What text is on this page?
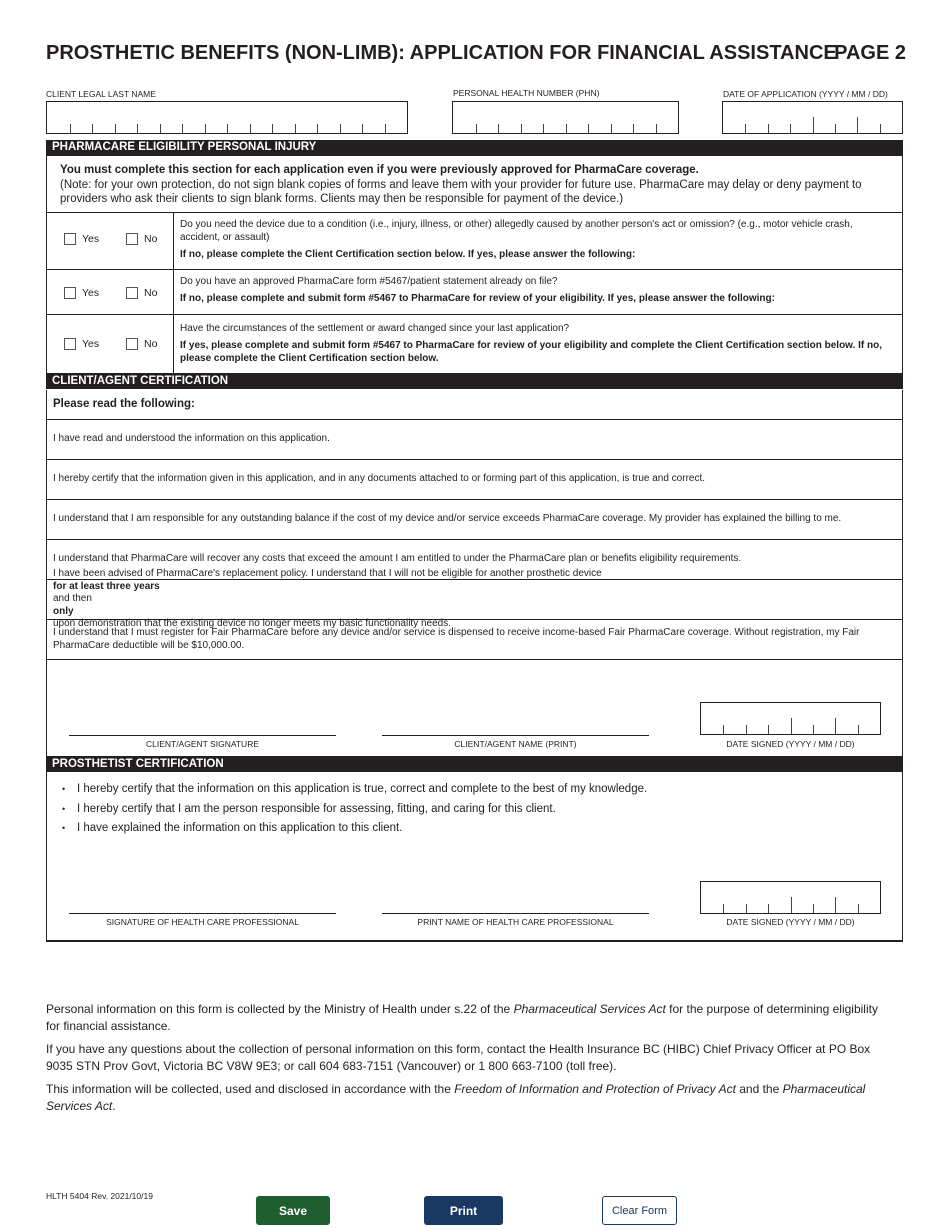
PROSTHETIC BENEFITS (NON-LIMB): APPLICATION FOR FINANCIAL ASSISTANCE
PAGE 2
CLIENT LEGAL LAST NAME	PERSONAL HEALTH NUMBER (PHN)	DATE OF APPLICATION (YYYY / MM / DD)
PHARMACARE ELIGIBILITY PERSONAL INJURY
You must complete this section for each application even if you were previously approved for PharmaCare coverage.
(Note: for your own protection, do not sign blank copies of forms and leave them with your provider for future use. PharmaCare may delay or deny payment to providers who ask their clients to sign blank forms. Clients may then be responsible for payment of the device.)
Yes	No
Do you need the device due to a condition (i.e., injury, illness, or other) allegedly caused by another person's act or omission? (e.g., motor vehicle crash, accident, or assault)
If no, please complete the Client Certification section below. If yes, please answer the following:
Yes	No
Do you have an approved PharmaCare form #5467/patient statement already on file?
If no, please complete and submit form #5467 to PharmaCare for review of your eligibility. If yes, please answer the following:
Yes	No
Have the circumstances of the settlement or award changed since your last application?
If yes, please complete and submit form #5467 to PharmaCare for review of your eligibility and complete the Client Certification section below. If no, please complete the Client Certification section below.
CLIENT/AGENT CERTIFICATION
Please read the following:
I have read and understood the information on this application.
I hereby certify that the information given in this application, and in any documents attached to or forming part of this application, is true and correct.
I understand that I am responsible for any outstanding balance if the cost of my device and/or service exceeds PharmaCare coverage. My provider has explained the billing to me.
I understand that PharmaCare will recover any costs that exceed the amount I am entitled to under the PharmaCare plan or benefits eligibility requirements.
I have been advised of PharmaCare's replacement policy. I understand that I will not be eligible for another prosthetic device
for at least three years
and then
only
upon demonstration that the existing device no longer meets my basic functionality needs.
I understand that I must register for Fair PharmaCare before any device and/or service is dispensed to receive income-based Fair PharmaCare coverage. Without registration, my Fair PharmaCare deductible will be $10,000.00.
CLIENT/AGENT SIGNATURE	CLIENT/AGENT NAME (PRINT)	DATE SIGNED (YYYY / MM / DD)
PROSTHETIST CERTIFICATION
SIGNATURE OF HEALTH CARE PROFESSIONAL	PRINT NAME OF HEALTH CARE PROFESSIONAL	DATE SIGNED (YYYY / MM / DD)
• I hereby certify that the information on this application is true, correct and complete to the best of my knowledge.
• I hereby certify that I am the person responsible for assessing, fitting, and caring for this client.
• I have explained the information on this application to this client.

Personal information on this form is collected by the Ministry of Health under s.22 of the Pharmaceutical Services Act for the purpose of determining eligibility for financial assistance.

If you have any questions about the collection of personal information on this form, contact the Health Insurance BC (HIBC) Chief Privacy Officer at PO Box 9035 STN Prov Govt, Victoria BC V8W 9E3; or call 604 683-7151 (Vancouver) or 1 800 663-7100 (toll free).

This information will be collected, used and disclosed in accordance with the Freedom of Information and Protection of Privacy Act and the Pharmaceutical Services Act.

HLTH 5404 Rev. 2021/10/19
Save	Print	Clear Form
